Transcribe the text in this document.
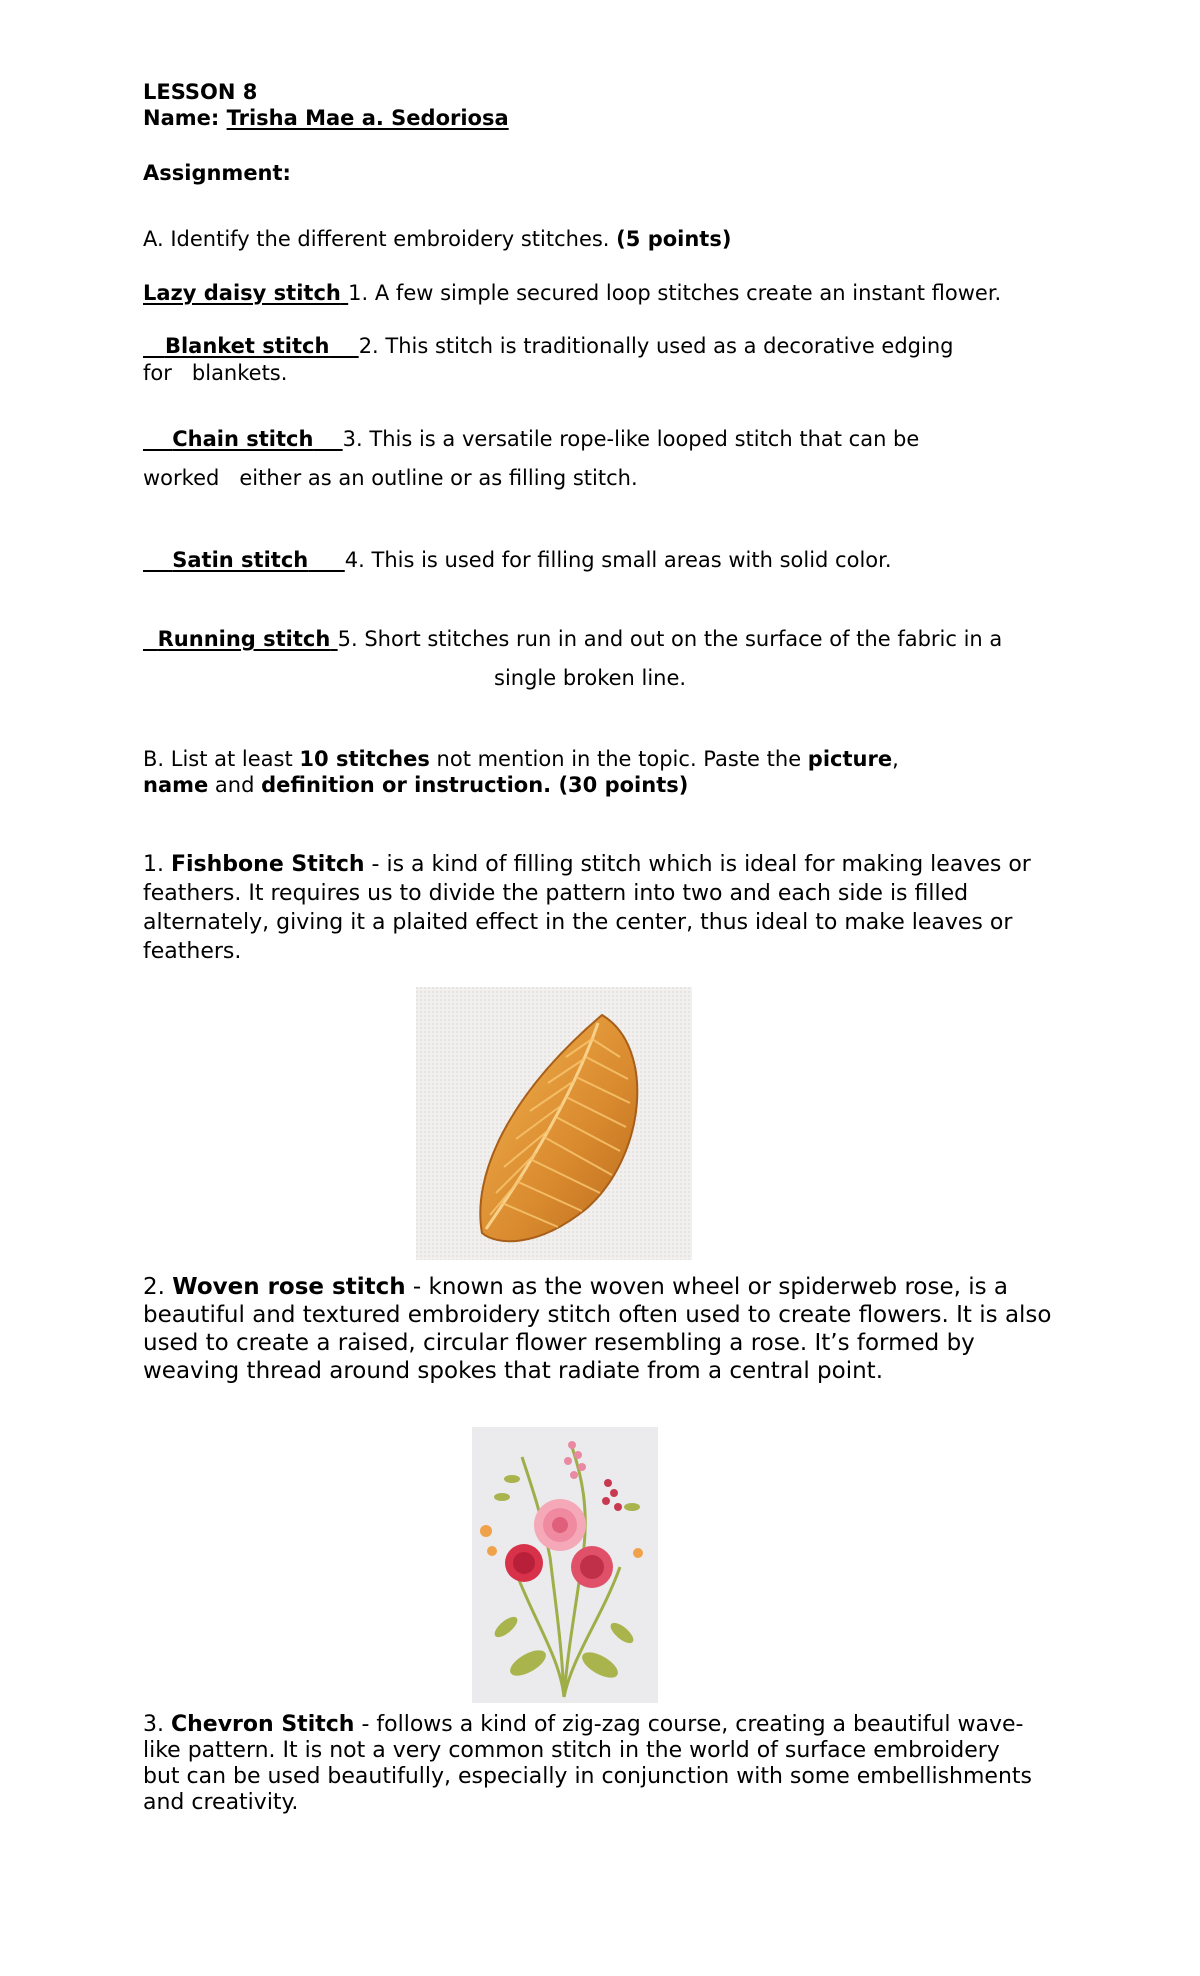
LESSON 8
Name: Trisha Mae a. Sedoriosa
Assignment:
A. Identify the different embroidery stitches. (5 points)
Lazy daisy stitch 1. A few simple secured loop stitches create an instant flower.
Blanket stitch 2. This stitch is traditionally used as a decorative edging
for   blankets.
Chain stitch 3. This is a versatile rope-like looped stitch that can be
worked   either as an outline or as filling stitch.
Satin stitch 4. This is used for filling small areas with solid color.
Running stitch 5. Short stitches run in and out on the surface of the fabric in a
single broken line.
B. List at least 10 stitches not mention in the topic. Paste the picture,
name and definition or instruction. (30 points)
1. Fishbone Stitch - is a kind of filling stitch which is ideal for making leaves or feathers. It requires us to divide the pattern into two and each side is filled alternately, giving it a plaited effect in the center, thus ideal to make leaves or feathers.
2. Woven rose stitch - known as the woven wheel or spiderweb rose, is a beautiful and textured embroidery stitch often used to create flowers. It is also used to create a raised, circular flower resembling a rose. It’s formed by weaving thread around spokes that radiate from a central point.
3. Chevron Stitch - follows a kind of zig-zag course, creating a beautiful wave-like pattern. It is not a very common stitch in the world of surface embroidery but can be used beautifully, especially in conjunction with some embellishments and creativity.
